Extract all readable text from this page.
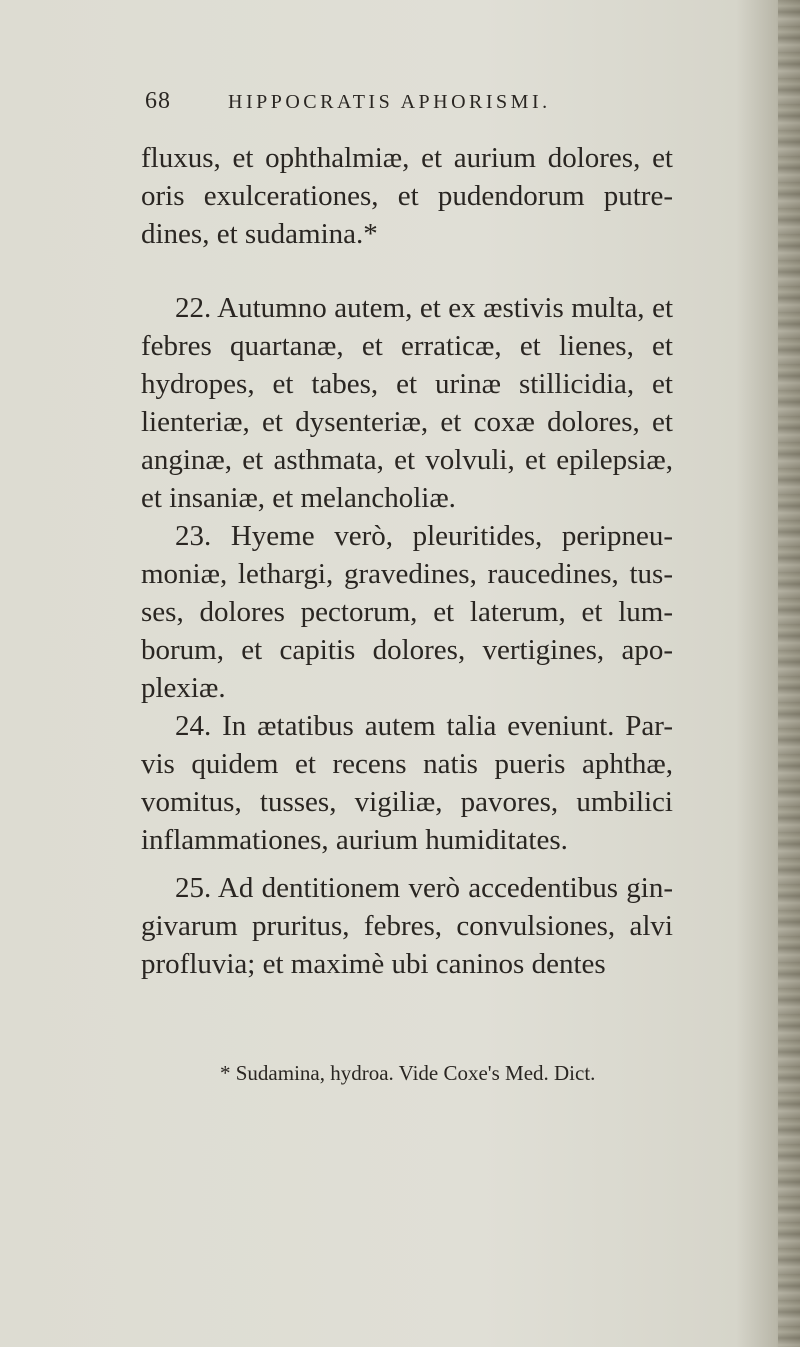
68	HIPPOCRATIS APHORISMI.

fluxus, et ophthalmiæ, et aurium dolores, et oris exulcerationes, et pudendorum putre- dines, et sudamina.*

22. Autumno autem, et ex æstivis multa, et febres quartanæ, et erraticæ, et lienes, et hydropes, et tabes, et urinæ stillicidia, et lienteriæ, et dysenteriæ, et coxæ dolores, et anginæ, et asthmata, et volvuli, et epilepsiæ, et insaniæ, et melancholiæ.

23. Hyeme verò, pleuritides, peripneu- moniæ, lethargi, gravedines, raucedines, tus- ses, dolores pectorum, et laterum, et lum- borum, et capitis dolores, vertigines, apo- plexiæ.

24. In ætatibus autem talia eveniunt. Par- vis quidem et recens natis pueris aphthæ, vomitus, tusses, vigiliæ, pavores, umbilici inflammationes, aurium humiditates.

25. Ad dentitionem verò accedentibus gin- givarum pruritus, febres, convulsiones, alvi profluvia; et maximè ubi caninos dentes

* Sudamina, hydroa. Vide Coxe's Med. Dict.
